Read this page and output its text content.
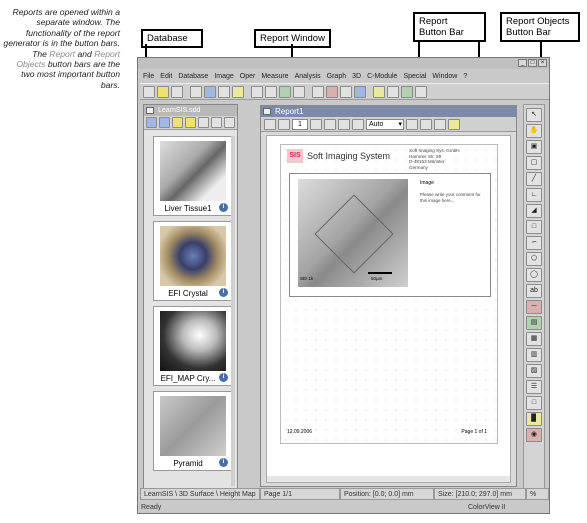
Reports are opened within a separate window. The functionality of the report generator is in the button bars. The Report and Report Objects button bars are the two most important button bars.
Database	Report Window
Report
Button Bar
Report Objects
Button Bar
_	□	×
File Edit Database Image Oper Measure Analysis Graph 3D C-Module Special Window ?
LearnSIS.sdd
Liver Tissue1	i
EFI Crystal	i
EFI_MAP Cry...	i
Pyramid	i
Report1
1	Auto ▾
SIS Soft Imaging System
Soft Imaging Sys. GmbH
Hammer Str. 89
D-48153 Münster
Germany
50µm
SEI 1k
Image
Please write your comment for this image here...
12.09.2006	Page 1 of 1
↖
✋
▣
▢
╱
∟
◢
□
∽
⬠
◯
ab
─
▤
▦
▥
▨
☰
□
▉
◉
LearnSIS \ 3D Surface \ Height Map	Page 1/1	Position: [0.0; 0.0] mm	Size: [210.0; 297.0] mm	%
Ready	ColorView II
